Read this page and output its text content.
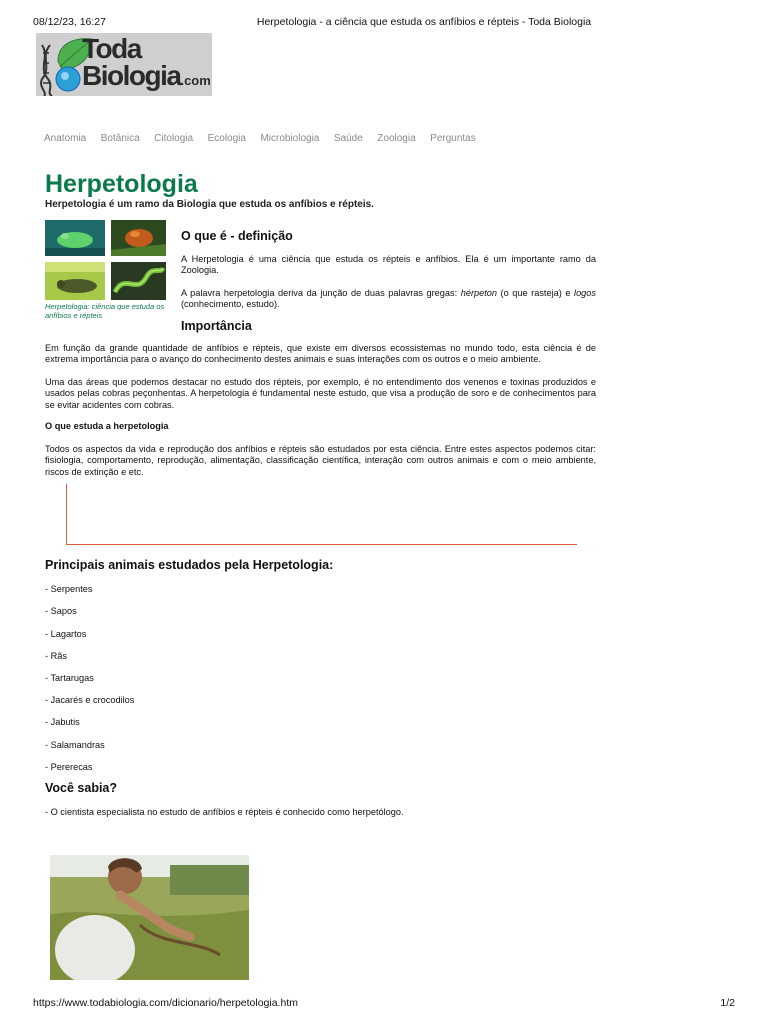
08/12/23, 16:27	Herpetologia - a ciência que estuda os anfíbios e répteis - Toda Biologia
Toda
Biologia.com
Anatomia Botânica Citologia Ecologia Microbiologia Saúde Zoologia Perguntas
Herpetologia
Herpetologia é um ramo da Biologia que estuda os anfíbios e répteis.
Herpetologia: ciência que estuda os anfíbios e répteis
O que é - definição

A Herpetologia é uma ciência que estuda os répteis e anfíbios. Ela é um importante ramo da Zoologia.

A palavra herpetologia deriva da junção de duas palavras gregas: hérpeton (o que rasteja) e logos (conhecimento, estudo).

Importância

Em função da grande quantidade de anfíbios e répteis, que existe em diversos ecossistemas no mundo todo, esta ciência é de extrema importância para o avanço do conhecimento destes animais e suas interações com os outros e o meio ambiente.

Uma das áreas que podemos destacar no estudo dos répteis, por exemplo, é no entendimento dos venenos e toxinas produzidos e usados pelas cobras peçonhentas. A herpetologia é fundamental neste estudo, que visa a produção de soro e de conhecimentos para se evitar acidentes com cobras.

O que estuda a herpetologia

Todos os aspectos da vida e reprodução dos anfíbios e répteis são estudados por esta ciência. Entre estes aspectos podemos citar: fisiologia, comportamento, reprodução, alimentação, classificação científica, interação com outros animais e com o meio ambiente, riscos de extinção e etc.

Principais animais estudados pela Herpetologia:
- Serpentes
- Sapos
- Lagartos
- Rãs
- Tartarugas
- Jacarés e crocodilos
- Jabutis
- Salamandras
- Pererecas
Você sabia?

- O cientista especialista no estudo de anfíbios e répteis é conhecido como herpetólogo.

https://www.todabiologia.com/dicionario/herpetologia.htm	1/2
